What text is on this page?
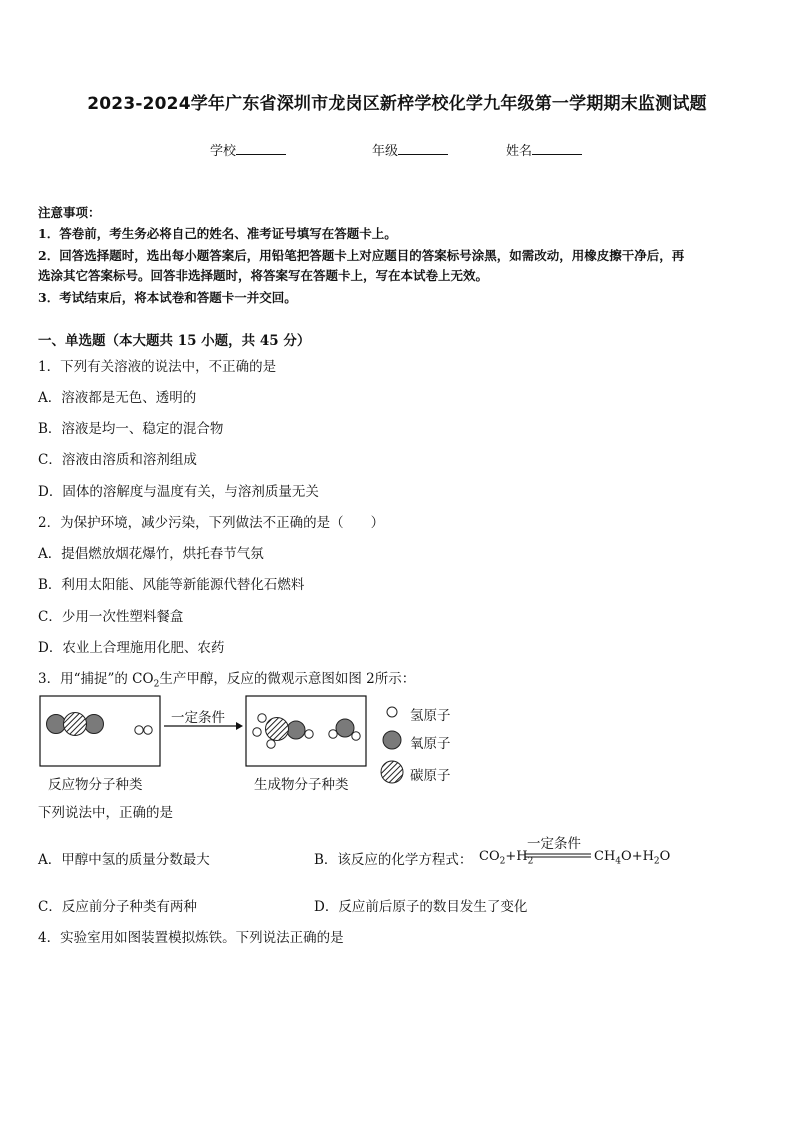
2023-2024学年广东省深圳市龙岗区新梓学校化学九年级第一学期期末监测试题
学校	年级	姓名
注意事项：
1．答卷前，考生务必将自己的姓名、准考证号填写在答题卡上。
2．回答选择题时，选出每小题答案后，用铅笔把答题卡上对应题目的答案标号涂黑，如需改动，用橡皮擦干净后，再
选涂其它答案标号。回答非选择题时，将答案写在答题卡上，写在本试卷上无效。
3．考试结束后，将本试卷和答题卡一并交回。
一、单选题（本大题共 15 小题，共 45 分）
1．下列有关溶液的说法中，不正确的是
A．溶液都是无色、透明的
B．溶液是均一、稳定的混合物
C．溶液由溶质和溶剂组成
D．固体的溶解度与温度有关，与溶剂质量无关
2．为保护环境，减少污染，下列做法不正确的是（　　）
A．提倡燃放烟花爆竹，烘托春节气氛
B．利用太阳能、风能等新能源代替化石燃料
C．少用一次性塑料餐盒
D．农业上合理施用化肥、农药
3．用“捕捉”的 $CO_2$生产甲醇，反应的微观示意图如图 2所示：
一定条件
反应物分子种类	生成物分子种类
氢原子
氧原子
碳原子
下列说法中，正确的是
A．甲醇中氢的质量分数最大	B．该反应的化学方程式： $CO_2+H_2$
一定条件
$CH_4O+H_2O$
C．反应前分子种类有两种	D．反应前后原子的数目发生了变化
4．实验室用如图装置模拟炼铁。下列说法正确的是
